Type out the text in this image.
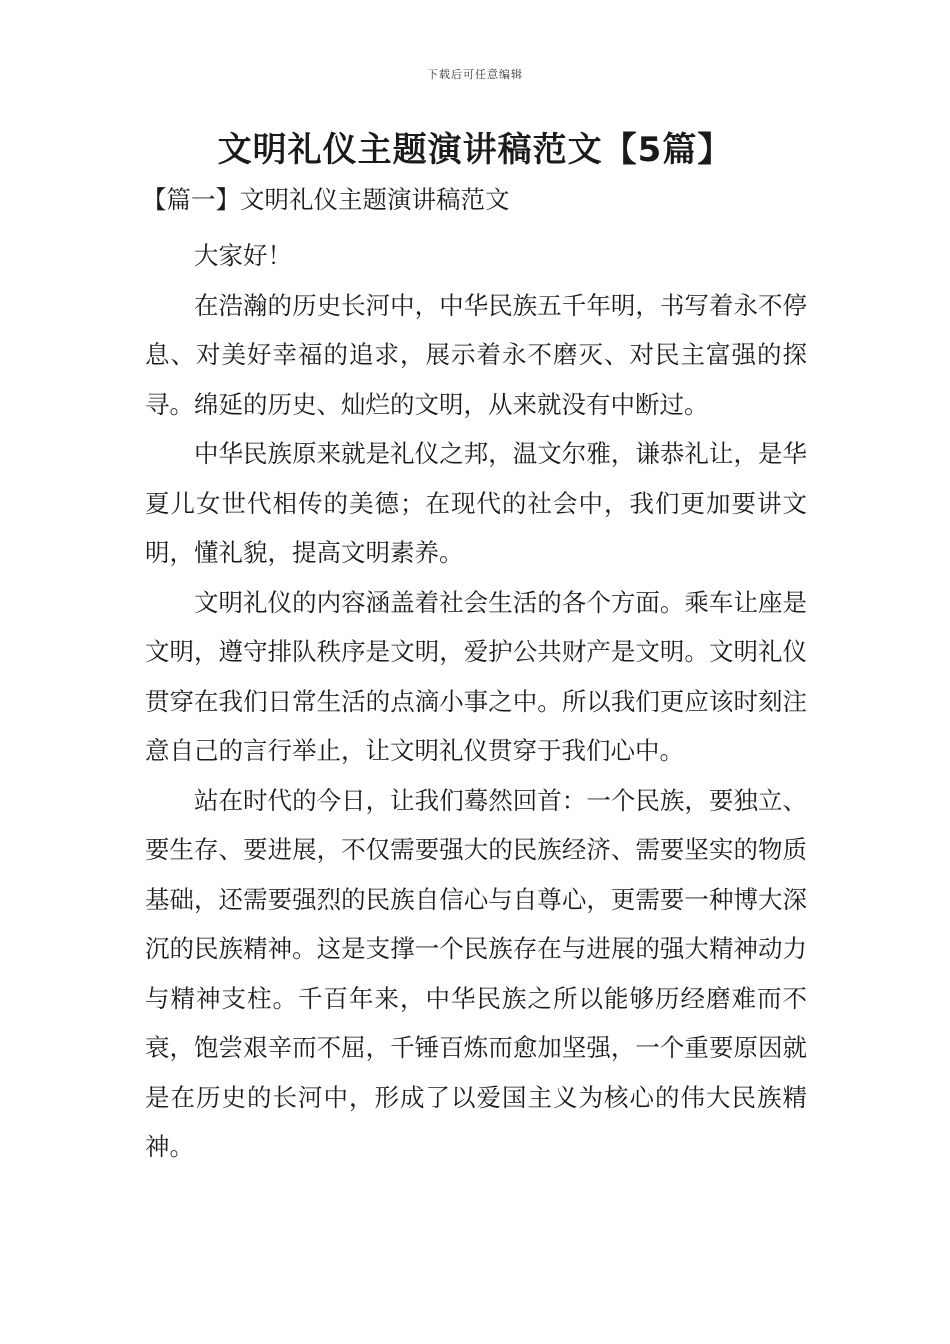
下载后可任意编辑
文明礼仪主题演讲稿范文【5篇】
【篇一】文明礼仪主题演讲稿范文

大家好！

在浩瀚的历史长河中，中华民族五千年明，书写着永不停息、对美好幸福的追求，展示着永不磨灭、对民主富强的探寻。绵延的历史、灿烂的文明，从来就没有中断过。

中华民族原来就是礼仪之邦，温文尔雅，谦恭礼让，是华夏儿女世代相传的美德；在现代的社会中，我们更加要讲文明，懂礼貌，提高文明素养。

文明礼仪的内容涵盖着社会生活的各个方面。乘车让座是文明，遵守排队秩序是文明，爱护公共财产是文明。文明礼仪贯穿在我们日常生活的点滴小事之中。所以我们更应该时刻注意自己的言行举止，让文明礼仪贯穿于我们心中。

站在时代的今日，让我们蓦然回首：一个民族，要独立、要生存、要进展，不仅需要强大的民族经济、需要坚实的物质基础，还需要强烈的民族自信心与自尊心，更需要一种博大深沉的民族精神。这是支撑一个民族存在与进展的强大精神动力与精神支柱。千百年来，中华民族之所以能够历经磨难而不衰，饱尝艰辛而不屈，千锤百炼而愈加坚强，一个重要原因就是在历史的长河中，形成了以爱国主义为核心的伟大民族精神。
